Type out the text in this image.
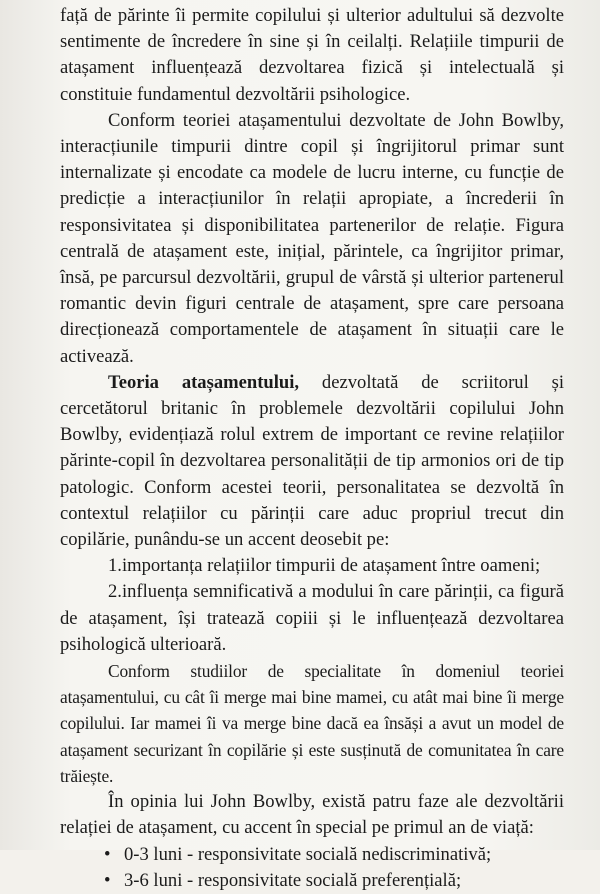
față de părinte îi permite copilului și ulterior adultului să dezvolte sentimente de încredere în sine și în ceilalți. Relațiile timpurii de atașament influențează dezvoltarea fizică și intelectuală și constituie fundamentul dezvoltării psihologice.

Conform teoriei atașamentului dezvoltate de John Bowlby, interacțiunile timpurii dintre copil și îngrijitorul primar sunt internalizate și encodate ca modele de lucru interne, cu funcție de predicție a interacțiunilor în relații apropiate, a încrederii în responsivitatea și disponibilitatea partenerilor de relație. Figura centrală de atașament este, inițial, părintele, ca îngrijitor primar, însă, pe parcursul dezvoltării, grupul de vârstă și ulterior partenerul romantic devin figuri centrale de atașament, spre care persoana direcționează comportamentele de atașament în situații care le activează.

Teoria atașamentului, dezvoltată de scriitorul și cercetătorul britanic în problemele dezvoltării copilului John Bowlby, evidențiază rolul extrem de important ce revine relațiilor părinte-copil în dezvoltarea personalității de tip armonios ori de tip patologic. Conform acestei teorii, personalitatea se dezvoltă în contextul relațiilor cu părinții care aduc propriul trecut din copilărie, punându-se un accent deosebit pe:

1.importanța relațiilor timpurii de atașament între oameni;

2.influența semnificativă a modului în care părinții, ca figură de atașament, își tratează copiii și le influențează dezvoltarea psihologică ulterioară.

Conform studiilor de specialitate în domeniul teoriei atașamentului, cu cât îi merge mai bine mamei, cu atât mai bine îi merge copilului. Iar mamei îi va merge bine dacă ea însăși a avut un model de atașament securizant în copilărie și este susținută de comunitatea în care trăiește.

În opinia lui John Bowlby, există patru faze ale dezvoltării relației de atașament, cu accent în special pe primul an de viață:

• 0-3 luni - responsivitate socială nediscriminativă;
• 3-6 luni - responsivitate socială preferențială;
